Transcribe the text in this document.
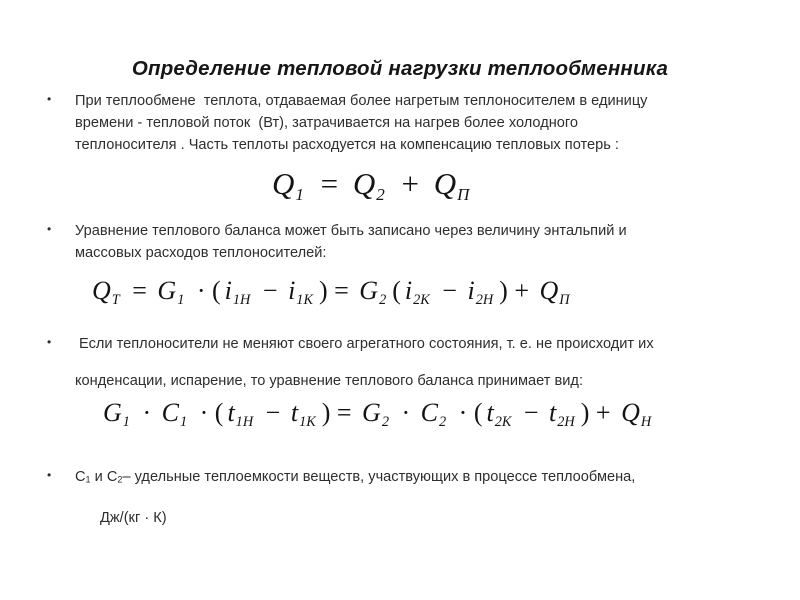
Определение тепловой нагрузки теплообменника
• При теплообмене  теплота, отдаваемая более нагретым теплоносителем в единицу
времени - тепловой поток  (Вт), затрачивается на нагрев более холодного
теплоносителя . Часть теплоты расходуется на компенсацию тепловых потерь :
$Q_1 = Q_2 + Q_П$
• Уравнение теплового баланса может быть записано через величину энтальпий и
массовых расходов теплоносителей:
$Q_Т = G_1$ · ( $i_{1Н} - i_{1К}$ ) = $G_2$ ( $i_{2К} - i_{2Н}$ ) + $Q_П$
• Если теплоносители не меняют своего агрегатного состояния, т. е. не происходит их
конденсации, испарение, то уравнение теплового баланса принимает вид:
$G_1 \cdot C_1$ · ( $t_{1Н} - t_{1К}$ ) = $G_2 \cdot C_2$ · ( $t_{2К} - t_{2Н}$ ) + $Q_Н$
• С1 и С2– удельные теплоемкости веществ, участвующих в процессе теплообмена,
Дж/(кг · К)
